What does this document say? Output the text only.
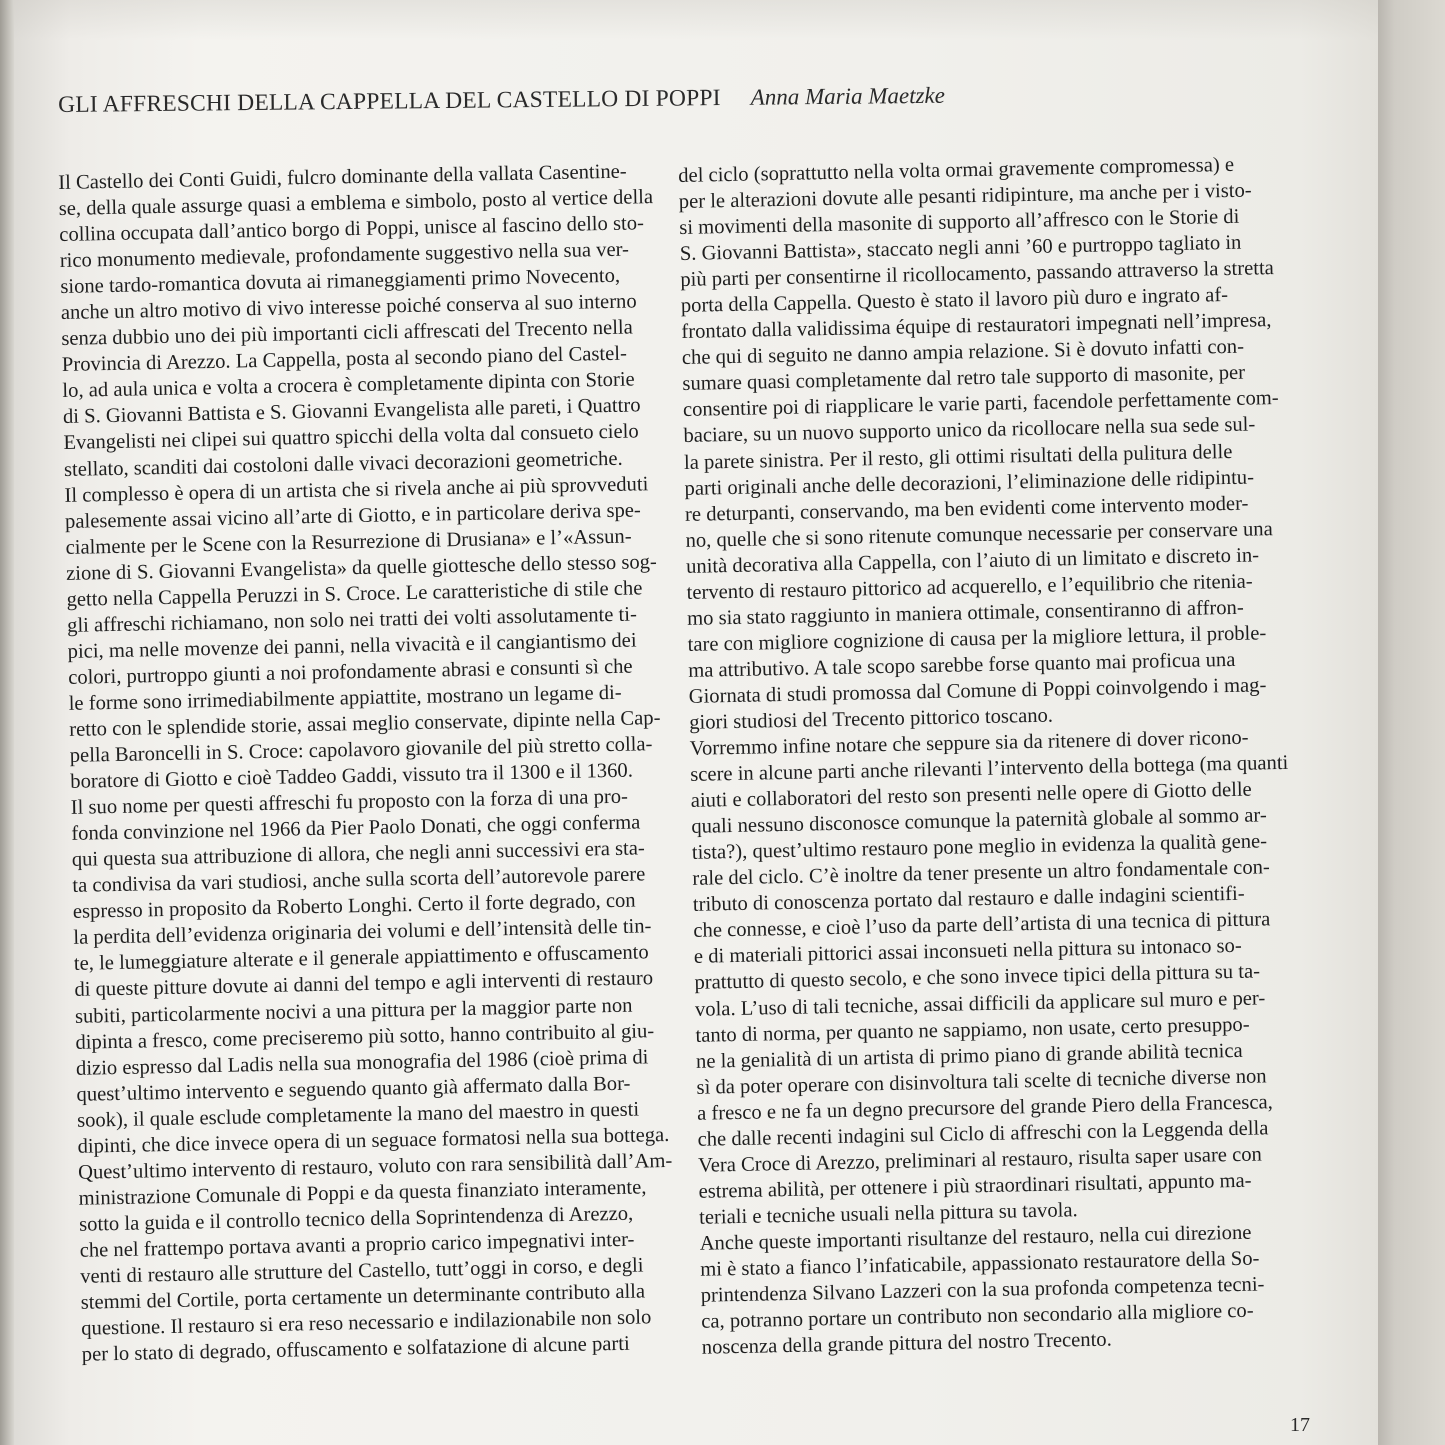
GLI AFFRESCHI DELLA CAPPELLA DEL CASTELLO DI POPPI Anna Maria Maetzke
Il Castello dei Conti Guidi, fulcro dominante della vallata Casentine-
se, della quale assurge quasi a emblema e simbolo, posto al vertice della
collina occupata dall’antico borgo di Poppi, unisce al fascino dello sto-
rico monumento medievale, profondamente suggestivo nella sua ver-
sione tardo-romantica dovuta ai rimaneggiamenti primo Novecento,
anche un altro motivo di vivo interesse poiché conserva al suo interno
senza dubbio uno dei più importanti cicli affrescati del Trecento nella
Provincia di Arezzo. La Cappella, posta al secondo piano del Castel-
lo, ad aula unica e volta a crocera è completamente dipinta con Storie
di S. Giovanni Battista e S. Giovanni Evangelista alle pareti, i Quattro
Evangelisti nei clipei sui quattro spicchi della volta dal consueto cielo
stellato, scanditi dai costoloni dalle vivaci decorazioni geometriche.
Il complesso è opera di un artista che si rivela anche ai più sprovveduti
palesemente assai vicino all’arte di Giotto, e in particolare deriva spe-
cialmente per le Scene con la Resurrezione di Drusiana» e l’«Assun-
zione di S. Giovanni Evangelista» da quelle giottesche dello stesso sog-
getto nella Cappella Peruzzi in S. Croce. Le caratteristiche di stile che
gli affreschi richiamano, non solo nei tratti dei volti assolutamente ti-
pici, ma nelle movenze dei panni, nella vivacità e il cangiantismo dei
colori, purtroppo giunti a noi profondamente abrasi e consunti sì che
le forme sono irrimediabilmente appiattite, mostrano un legame di-
retto con le splendide storie, assai meglio conservate, dipinte nella Cap-
pella Baroncelli in S. Croce: capolavoro giovanile del più stretto colla-
boratore di Giotto e cioè Taddeo Gaddi, vissuto tra il 1300 e il 1360.
Il suo nome per questi affreschi fu proposto con la forza di una pro-
fonda convinzione nel 1966 da Pier Paolo Donati, che oggi conferma
qui questa sua attribuzione di allora, che negli anni successivi era sta-
ta condivisa da vari studiosi, anche sulla scorta dell’autorevole parere
espresso in proposito da Roberto Longhi. Certo il forte degrado, con
la perdita dell’evidenza originaria dei volumi e dell’intensità delle tin-
te, le lumeggiature alterate e il generale appiattimento e offuscamento
di queste pitture dovute ai danni del tempo e agli interventi di restauro
subiti, particolarmente nocivi a una pittura per la maggior parte non
dipinta a fresco, come preciseremo più sotto, hanno contribuito al giu-
dizio espresso dal Ladis nella sua monografia del 1986 (cioè prima di
quest’ultimo intervento e seguendo quanto già affermato dalla Bor-
sook), il quale esclude completamente la mano del maestro in questi
dipinti, che dice invece opera di un seguace formatosi nella sua bottega.
Quest’ultimo intervento di restauro, voluto con rara sensibilità dall’Am-
ministrazione Comunale di Poppi e da questa finanziato interamente,
sotto la guida e il controllo tecnico della Soprintendenza di Arezzo,
che nel frattempo portava avanti a proprio carico impegnativi inter-
venti di restauro alle strutture del Castello, tutt’oggi in corso, e degli
stemmi del Cortile, porta certamente un determinante contributo alla
questione. Il restauro si era reso necessario e indilazionabile non solo
per lo stato di degrado, offuscamento e solfatazione di alcune parti
del ciclo (soprattutto nella volta ormai gravemente compromessa) e
per le alterazioni dovute alle pesanti ridipinture, ma anche per i visto-
si movimenti della masonite di supporto all’affresco con le Storie di
S. Giovanni Battista», staccato negli anni ’60 e purtroppo tagliato in
più parti per consentirne il ricollocamento, passando attraverso la stretta
porta della Cappella. Questo è stato il lavoro più duro e ingrato af-
frontato dalla validissima équipe di restauratori impegnati nell’impresa,
che qui di seguito ne danno ampia relazione. Si è dovuto infatti con-
sumare quasi completamente dal retro tale supporto di masonite, per
consentire poi di riapplicare le varie parti, facendole perfettamente com-
baciare, su un nuovo supporto unico da ricollocare nella sua sede sul-
la parete sinistra. Per il resto, gli ottimi risultati della pulitura delle
parti originali anche delle decorazioni, l’eliminazione delle ridipintu-
re deturpanti, conservando, ma ben evidenti come intervento moder-
no, quelle che si sono ritenute comunque necessarie per conservare una
unità decorativa alla Cappella, con l’aiuto di un limitato e discreto in-
tervento di restauro pittorico ad acquerello, e l’equilibrio che ritenia-
mo sia stato raggiunto in maniera ottimale, consentiranno di affron-
tare con migliore cognizione di causa per la migliore lettura, il proble-
ma attributivo. A tale scopo sarebbe forse quanto mai proficua una
Giornata di studi promossa dal Comune di Poppi coinvolgendo i mag-
giori studiosi del Trecento pittorico toscano.
Vorremmo infine notare che seppure sia da ritenere di dover ricono-
scere in alcune parti anche rilevanti l’intervento della bottega (ma quanti
aiuti e collaboratori del resto son presenti nelle opere di Giotto delle
quali nessuno disconosce comunque la paternità globale al sommo ar-
tista?), quest’ultimo restauro pone meglio in evidenza la qualità gene-
rale del ciclo. C’è inoltre da tener presente un altro fondamentale con-
tributo di conoscenza portato dal restauro e dalle indagini scientifi-
che connesse, e cioè l’uso da parte dell’artista di una tecnica di pittura
e di materiali pittorici assai inconsueti nella pittura su intonaco so-
prattutto di questo secolo, e che sono invece tipici della pittura su ta-
vola. L’uso di tali tecniche, assai difficili da applicare sul muro e per-
tanto di norma, per quanto ne sappiamo, non usate, certo presuppo-
ne la genialità di un artista di primo piano di grande abilità tecnica
sì da poter operare con disinvoltura tali scelte di tecniche diverse non
a fresco e ne fa un degno precursore del grande Piero della Francesca,
che dalle recenti indagini sul Ciclo di affreschi con la Leggenda della
Vera Croce di Arezzo, preliminari al restauro, risulta saper usare con
estrema abilità, per ottenere i più straordinari risultati, appunto ma-
teriali e tecniche usuali nella pittura su tavola.
Anche queste importanti risultanze del restauro, nella cui direzione
mi è stato a fianco l’infaticabile, appassionato restauratore della So-
printendenza Silvano Lazzeri con la sua profonda competenza tecni-
ca, potranno portare un contributo non secondario alla migliore co-
noscenza della grande pittura del nostro Trecento.
17
